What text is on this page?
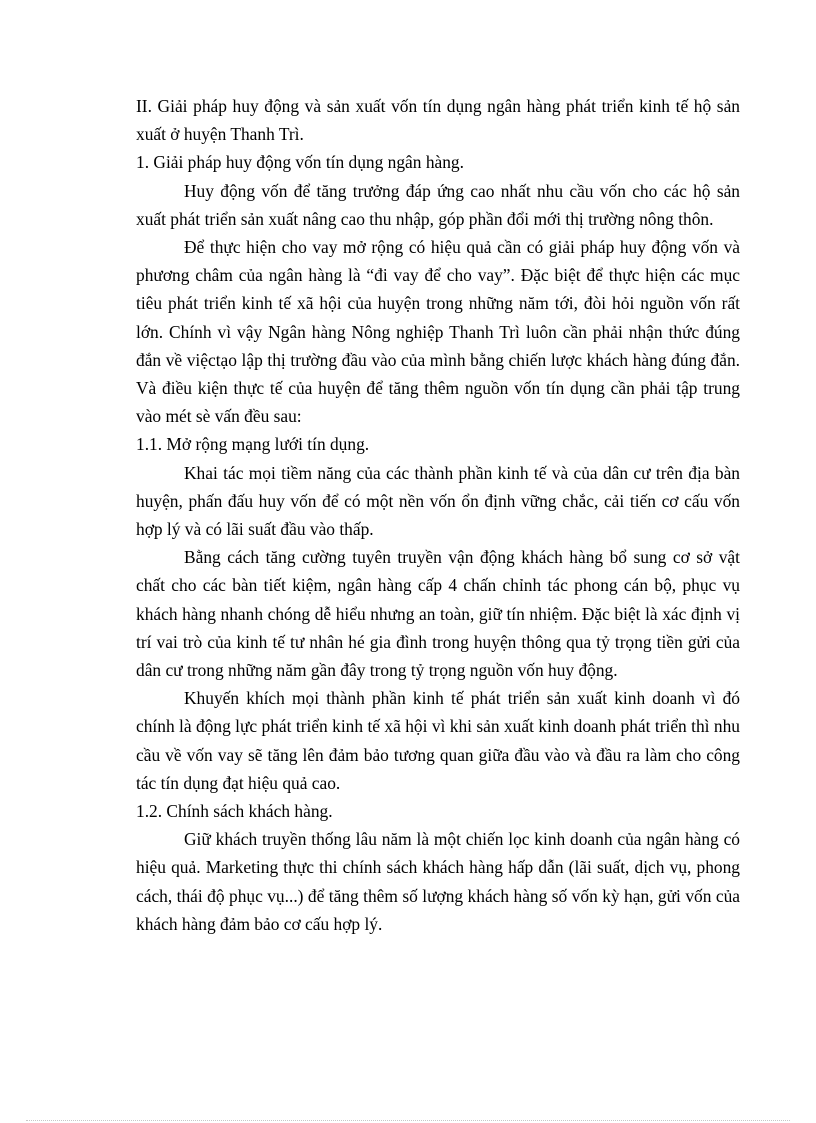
II. Giải pháp huy động và sản xuất vốn tín dụng ngân hàng phát triển kinh tế hộ sản xuất ở huyện Thanh Trì.

1. Giải pháp huy động vốn tín dụng ngân hàng.

Huy động vốn để tăng trưởng đáp ứng cao nhất nhu cầu vốn cho các hộ sản xuất phát triển sản xuất nâng cao thu nhập, góp phần đổi mới thị trường nông thôn.

Để thực hiện cho vay mở rộng có hiệu quả cần có giải pháp huy động vốn và phương châm của ngân hàng là “đi vay để cho vay”. Đặc biệt để thực hiện các mục tiêu phát triển kinh tế xã hội của huyện trong những năm tới, đòi hỏi nguồn vốn rất lớn. Chính vì vậy Ngân hàng Nông nghiệp Thanh Trì luôn cần phải nhận thức đúng đắn về việctạo lập thị trường đầu vào của mình bằng chiến lược khách hàng đúng đắn. Và điều kiện thực tế của huyện để tăng thêm nguồn vốn tín dụng cần phải tập trung vào mét sè vấn đều sau:

1.1. Mở rộng mạng lưới tín dụng.

Khai tác mọi tiềm năng của các thành phần kinh tế và của dân cư trên địa bàn huyện, phấn đấu huy vốn để có một nền vốn ổn định vững chắc, cải tiến cơ cấu vốn hợp lý và có lãi suất đầu vào thấp.

Bằng cách tăng cường tuyên truyền vận động khách hàng bổ sung cơ sở vật chất cho các bàn tiết kiệm, ngân hàng cấp 4 chấn chỉnh tác phong cán bộ, phục vụ khách hàng nhanh chóng dễ hiểu nhưng an toàn, giữ tín nhiệm. Đặc biệt là xác định vị trí vai trò của kinh tế tư nhân hé gia đình trong huyện thông qua tỷ trọng tiền gửi của dân cư trong những năm gần đây trong tỷ trọng nguồn vốn huy động.

Khuyến khích mọi thành phần kinh tế phát triển sản xuất kinh doanh vì đó chính là động lực phát triển kinh tế xã hội vì khi sản xuất kinh doanh phát triển thì nhu cầu về vốn vay sẽ tăng lên đảm bảo tương quan giữa đầu vào và đầu ra làm cho công tác tín dụng đạt hiệu quả cao.

1.2. Chính sách khách hàng.

Giữ khách truyền thống lâu năm là một chiến lọc kinh doanh của ngân hàng có hiệu quả. Marketing thực thi chính sách khách hàng hấp dẫn (lãi suất, dịch vụ, phong cách, thái độ phục vụ...) để tăng thêm số lượng khách hàng số vốn kỳ hạn, gửi vốn của khách hàng đảm bảo cơ cấu hợp lý.
